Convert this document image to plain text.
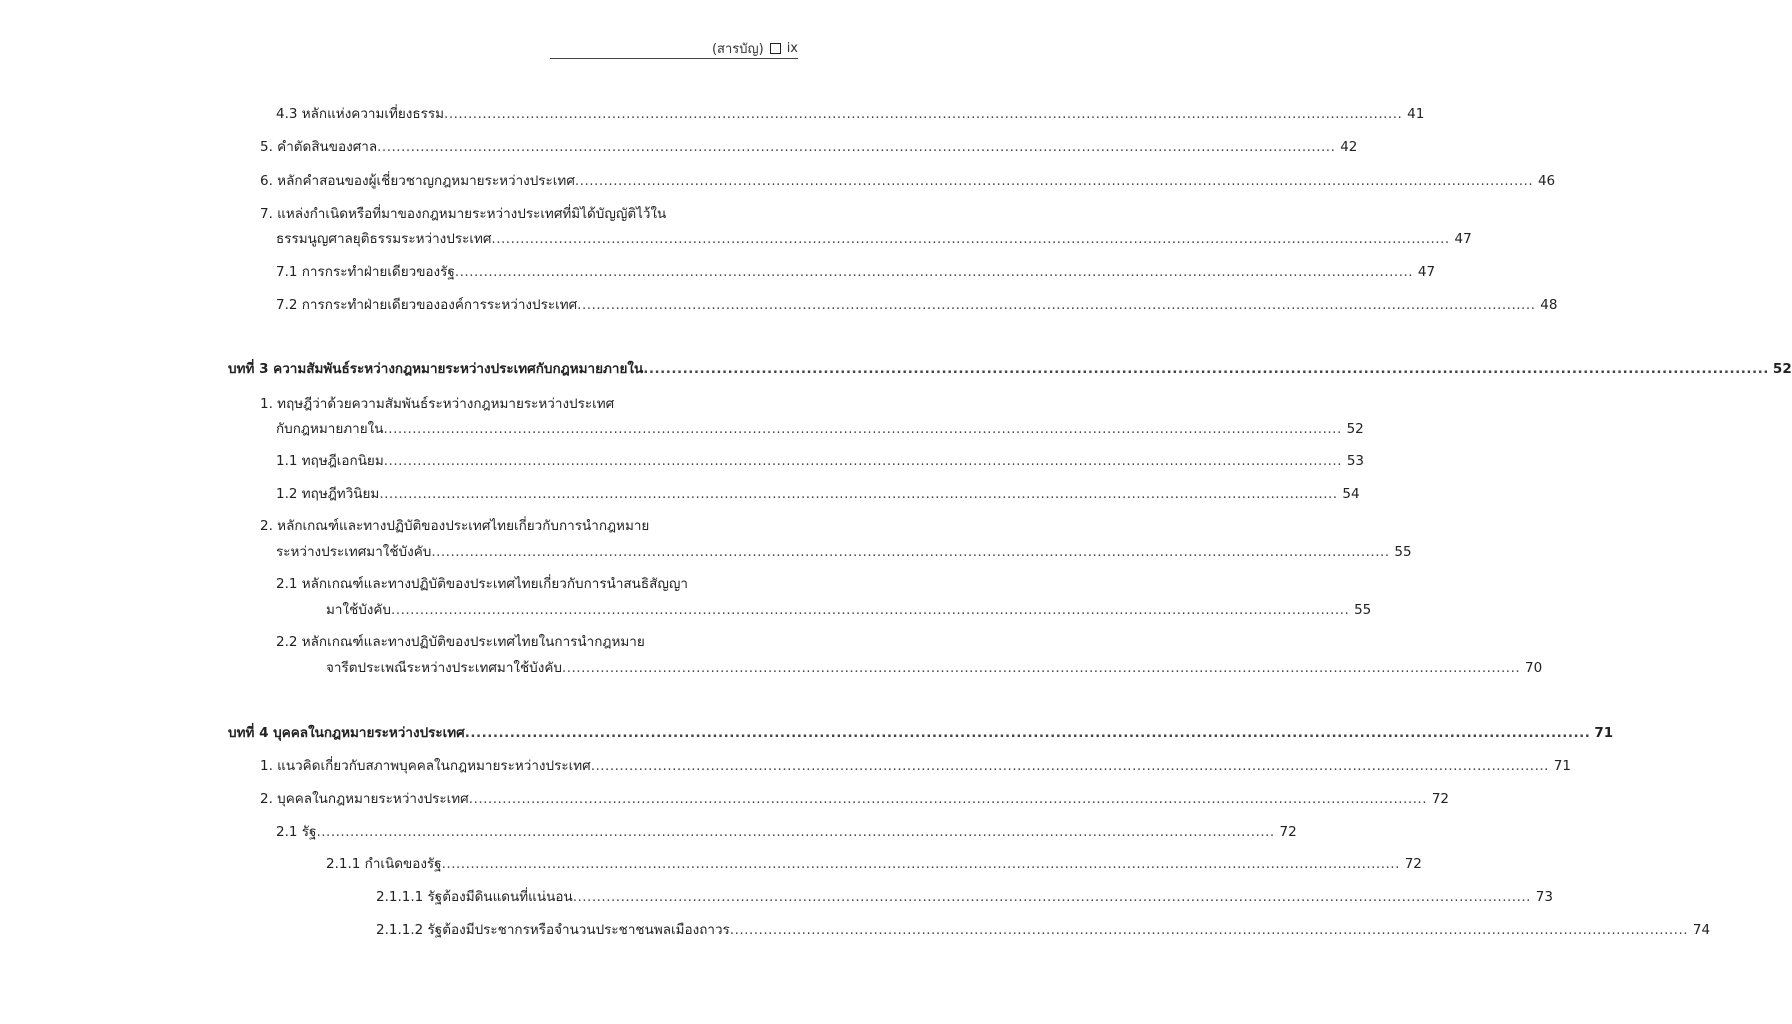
(สารบัญ) ix
4.3 หลักแห่งความเที่ยงธรรม ........................................................................................................................................................................................................ 41
5. คำตัดสินของศาล ........................................................................................................................................................................................................ 42
6. หลักคำสอนของผู้เชี่ยวชาญกฎหมายระหว่างประเทศ ........................................................................................................................................................................................................ 46
7. แหล่งกำเนิดหรือที่มาของกฎหมายระหว่างประเทศที่มิได้บัญญัติไว้ใน
ธรรมนูญศาลยุติธรรมระหว่างประเทศ ........................................................................................................................................................................................................ 47
7.1 การกระทำฝ่ายเดียวของรัฐ ........................................................................................................................................................................................................ 47
7.2 การกระทำฝ่ายเดียวขององค์การระหว่างประเทศ ........................................................................................................................................................................................................ 48
บทที่ 3 ความสัมพันธ์ระหว่างกฎหมายระหว่างประเทศกับกฎหมายภายใน ........................................................................................................................................................................................................ 52
1. ทฤษฎีว่าด้วยความสัมพันธ์ระหว่างกฎหมายระหว่างประเทศ
กับกฎหมายภายใน ........................................................................................................................................................................................................ 52
1.1 ทฤษฎีเอกนิยม ........................................................................................................................................................................................................ 53
1.2 ทฤษฎีทวินิยม ........................................................................................................................................................................................................ 54
2. หลักเกณฑ์และทางปฏิบัติของประเทศไทยเกี่ยวกับการนำกฎหมาย
ระหว่างประเทศมาใช้บังคับ ........................................................................................................................................................................................................ 55
2.1 หลักเกณฑ์และทางปฏิบัติของประเทศไทยเกี่ยวกับการนำสนธิสัญญา
มาใช้บังคับ ........................................................................................................................................................................................................ 55
2.2 หลักเกณฑ์และทางปฏิบัติของประเทศไทยในการนำกฎหมาย
จารีตประเพณีระหว่างประเทศมาใช้บังคับ ........................................................................................................................................................................................................ 70
บทที่ 4 บุคคลในกฎหมายระหว่างประเทศ ........................................................................................................................................................................................................ 71
1. แนวคิดเกี่ยวกับสภาพบุคคลในกฎหมายระหว่างประเทศ ........................................................................................................................................................................................................ 71
2. บุคคลในกฎหมายระหว่างประเทศ ........................................................................................................................................................................................................ 72
2.1 รัฐ ........................................................................................................................................................................................................ 72
2.1.1 กำเนิดของรัฐ ........................................................................................................................................................................................................ 72
2.1.1.1 รัฐต้องมีดินแดนที่แน่นอน ........................................................................................................................................................................................................ 73
2.1.1.2 รัฐต้องมีประชากรหรือจำนวนประชาชนพลเมืองถาวร ........................................................................................................................................................................................................ 74
